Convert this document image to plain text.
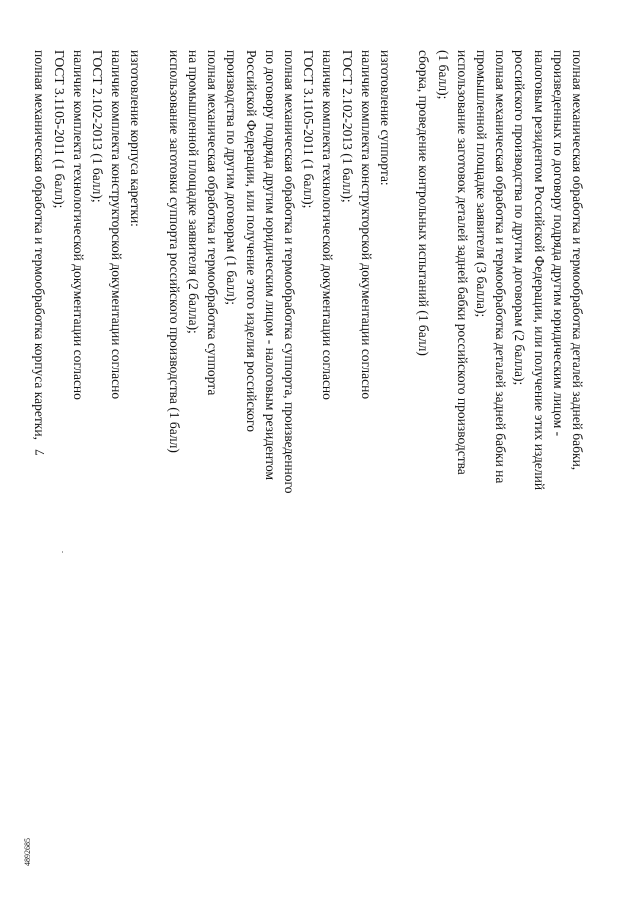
7
.
4892685
полная механическая обработка и термообработка деталей задней бабки,
произведенных по договору подряда другим юридическим лицом -
налоговым резидентом Российской Федерации, или получение этих изделий
российского производства по другим договорам (2 балла);
полная механическая обработка и термообработка деталей задней бабки на
промышленной площадке заявителя (3 балла);
использование заготовок деталей задней бабки российского производства
(1 балл);
сборка, проведение контрольных испытаний (1 балл)
изготовление суппорта:
наличие комплекта конструкторской документации согласно
ГОСТ 2.102-2013 (1 балл);
наличие комплекта технологической документации согласно
ГОСТ 3.1105-2011 (1 балл);
полная механическая обработка и термообработка суппорта, произведенного
по договору подряда другим юридическим лицом - налоговым резидентом
Российской Федерации, или получение этого изделия российского
производства по другим договорам (1 балл);
полная механическая обработка и термообработка суппорта
на промышленной площадке заявителя (2 балла);
использование заготовки суппорта российского производства (1 балл)
изготовление корпуса каретки:
наличие комплекта конструкторской документации согласно
ГОСТ 2.102-2013 (1 балл);
наличие комплекта технологической документации согласно
ГОСТ 3.1105-2011 (1 балл);
полная механическая обработка и термообработка корпуса каретки,
